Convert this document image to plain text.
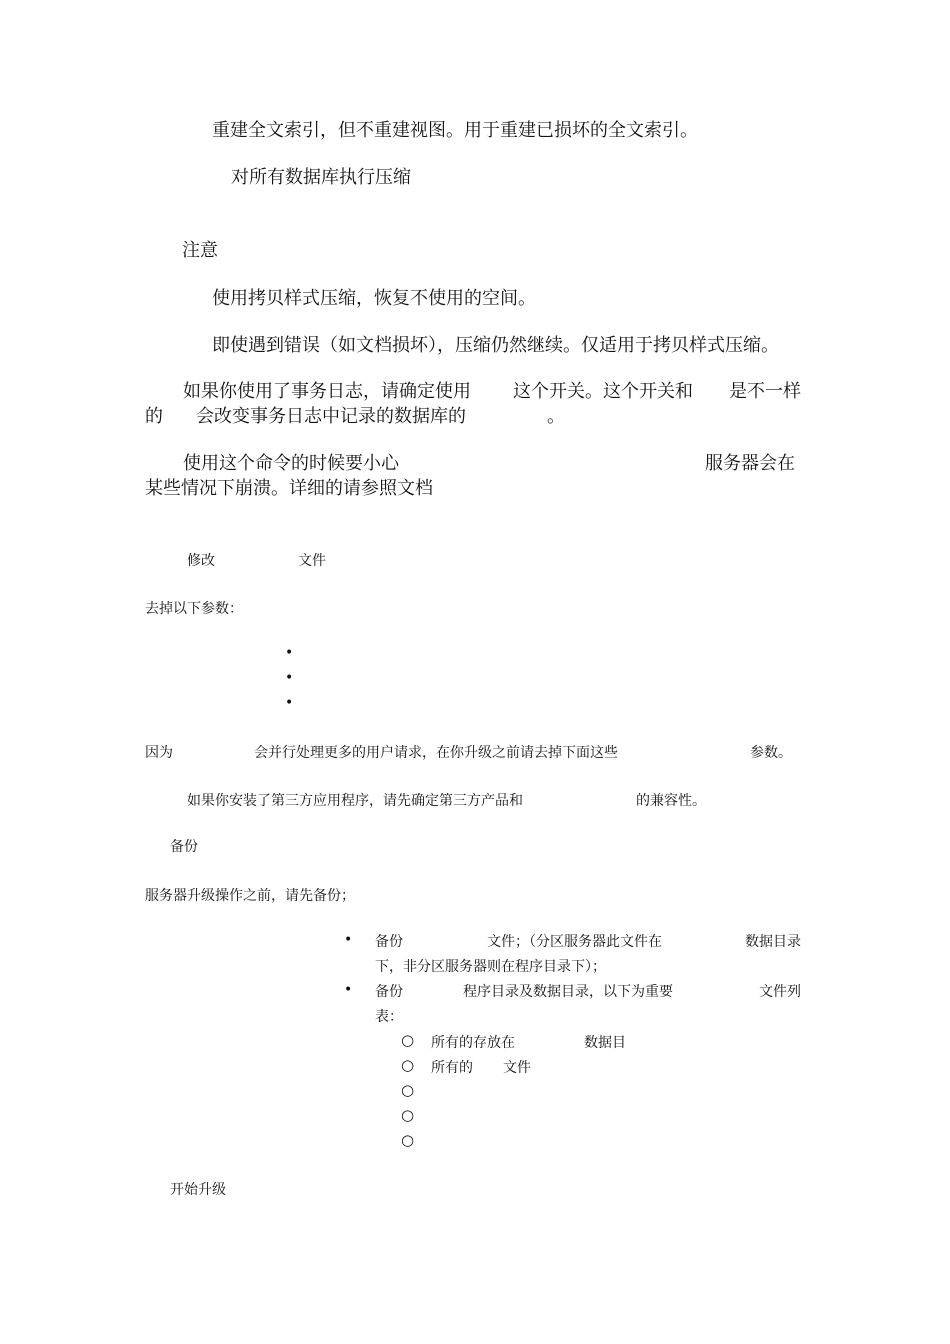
重建全文索引，但不重建视图。用于重建已损坏的全文索引。
对所有数据库执行压缩
注意
使用拷贝样式压缩，恢复不使用的空间。
即使遇到错误（如文档损坏），压缩仍然继续。仅适用于拷贝样式压缩。
如果你使用了事务日志，请确定使用 这个开关。这个开关和 是不一样
的 会改变事务日志中记录的数据库的	。
使用这个命令的时候要小心	服务器会在
某些情况下崩溃。详细的请参照文档
修改	文件
去掉以下参数：
•
•
•
因为	会并行处理更多的用户请求，在你升级之前请去掉下面这些	参数。
如果你安装了第三方应用程序，请先确定第三方产品和	的兼容性。
备份
服务器升级操作之前，请先备份；
• 备份	文件；（分区服务器此文件在	数据目录
下，非分区服务器则在程序目录下）；
• 备份	程序目录及数据目录，以下为重要	文件列
表：
○ 所有的存放在	数据目
○ 所有的 文件
○
○
○
开始升级
